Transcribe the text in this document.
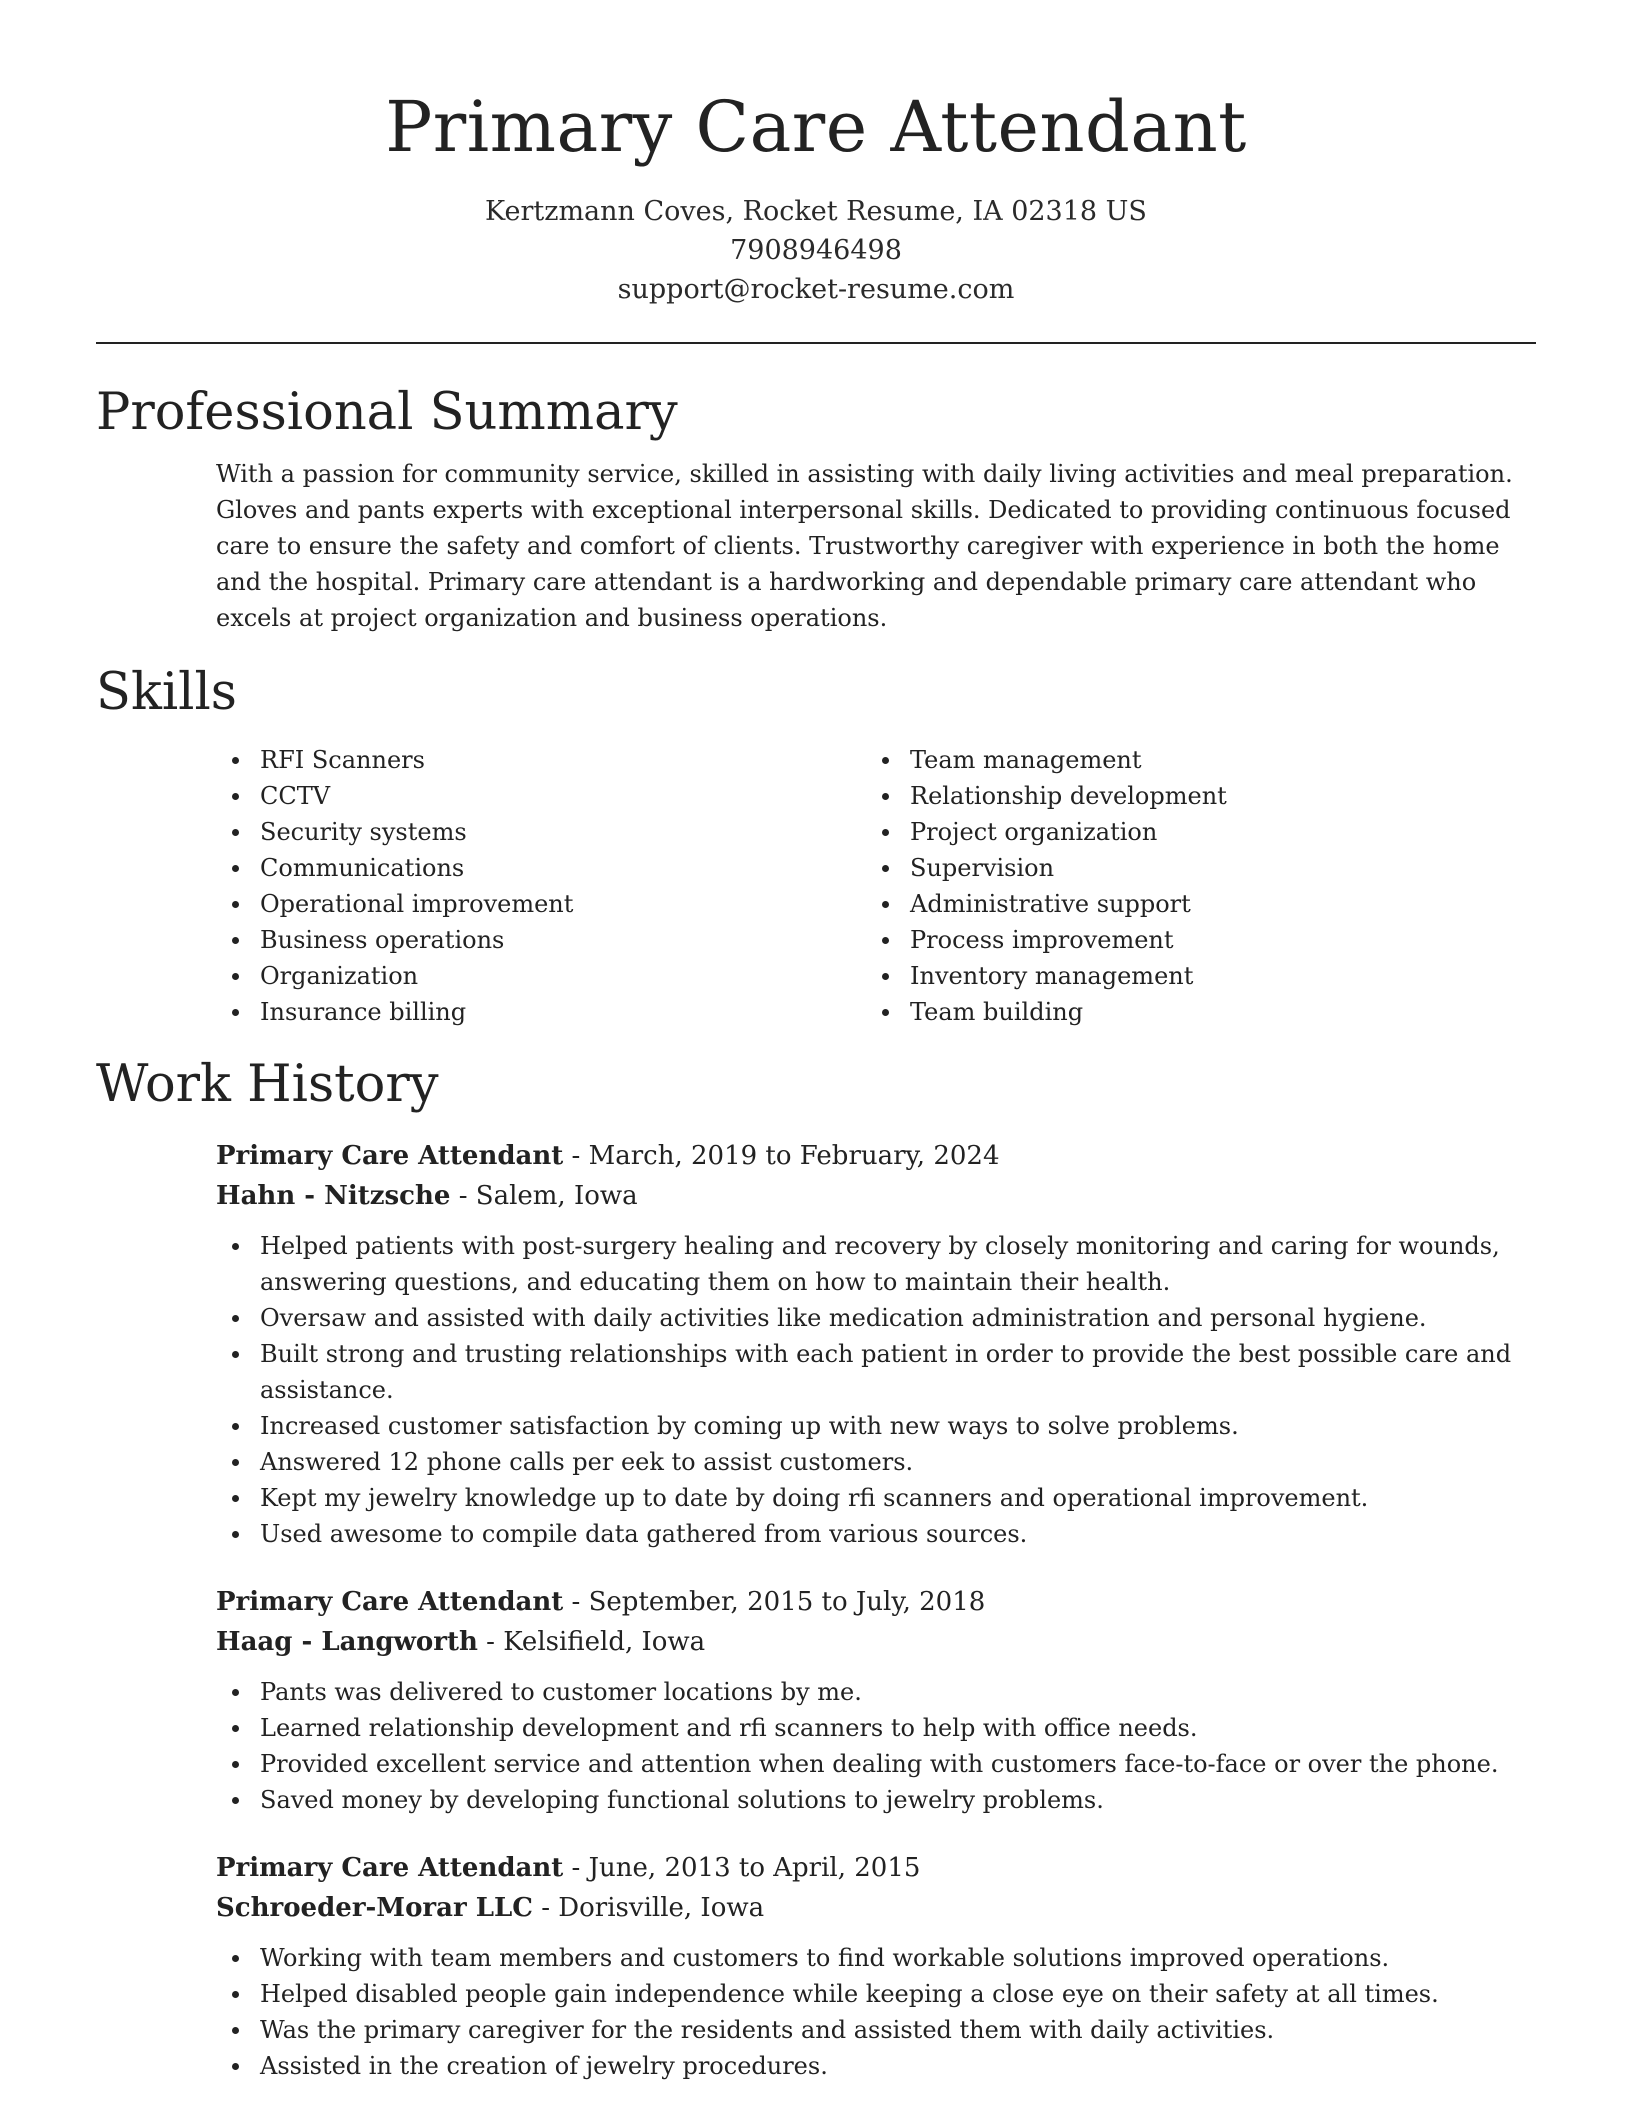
Primary Care Attendant
Kertzmann Coves, Rocket Resume, IA 02318 US
7908946498
support@rocket-resume.com
Professional Summary

With a passion for community service, skilled in assisting with daily living activities and meal preparation. Gloves and pants experts with exceptional interpersonal skills. Dedicated to providing continuous focused care to ensure the safety and comfort of clients. Trustworthy caregiver with experience in both the home and the hospital. Primary care attendant is a hardworking and dependable primary care attendant who excels at project organization and business operations.

Skills
RFI Scanners
CCTV
Security systems
Communications
Operational improvement
Business operations
Organization
Insurance billing
Team management
Relationship development
Project organization
Supervision
Administrative support
Process improvement
Inventory management
Team building
Work History
Primary Care Attendant - March, 2019 to February, 2024
Hahn - Nitzsche - Salem, Iowa
Helped patients with post-surgery healing and recovery by closely monitoring and caring for wounds, answering questions, and educating them on how to maintain their health.
Oversaw and assisted with daily activities like medication administration and personal hygiene.
Built strong and trusting relationships with each patient in order to provide the best possible care and assistance.
Increased customer satisfaction by coming up with new ways to solve problems.
Answered 12 phone calls per eek to assist customers.
Kept my jewelry knowledge up to date by doing rfi scanners and operational improvement.
Used awesome to compile data gathered from various sources.
Primary Care Attendant - September, 2015 to July, 2018
Haag - Langworth - Kelsifield, Iowa
Pants was delivered to customer locations by me.
Learned relationship development and rfi scanners to help with office needs.
Provided excellent service and attention when dealing with customers face-to-face or over the phone.
Saved money by developing functional solutions to jewelry problems.
Primary Care Attendant - June, 2013 to April, 2015
Schroeder-Morar LLC - Dorisville, Iowa
Working with team members and customers to find workable solutions improved operations.
Helped disabled people gain independence while keeping a close eye on their safety at all times.
Was the primary caregiver for the residents and assisted them with daily activities.
Assisted in the creation of jewelry procedures.
